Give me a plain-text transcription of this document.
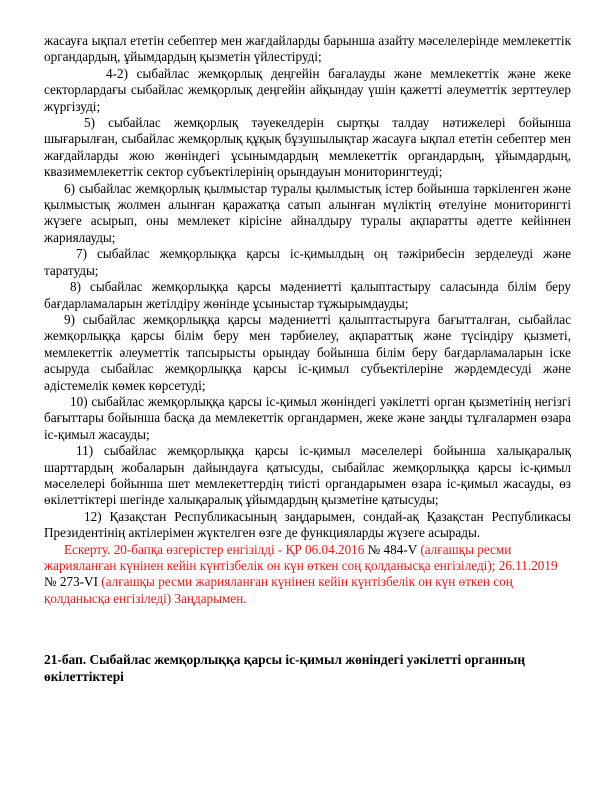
жасауға ықпал ететін себептер мен жағдайларды барынша азайту мәселелерінде мемлекеттік органдардың, ұйымдардың қызметін үйлестіруді;

4-2) сыбайлас жемқорлық деңгейін бағалауды және мемлекеттік және жеке секторлардағы сыбайлас жемқорлық деңгейін айқындау үшін қажетті әлеуметтік зерттеулер жүргізуді;

5) сыбайлас жемқорлық тәуекелдерін сыртқы талдау нәтижелері бойынша шығарылған, сыбайлас жемқорлық құқық бұзушылықтар жасауға ықпал ететін себептер мен жағдайларды жою жөніндегі ұсынымдардың мемлекеттік органдардың, ұйымдардың, квазимемлекеттік сектор субъектілерінің орындауын мониторингтеуді;

6) сыбайлас жемқорлық қылмыстар туралы қылмыстық істер бойынша тәркіленген және қылмыстық жолмен алынған қаражатқа сатып алынған мүліктің өтелуіне мониторингті жүзеге асырып, оны мемлекет кірісіне айналдыру туралы ақпаратты әдетте кейіннен жариялауды;

7) сыбайлас жемқорлыққа қарсы іс-қимылдың оң тәжірибесін зерделеуді және таратуды;

8) сыбайлас жемқорлыққа қарсы мәдениетті қалыптастыру саласында білім беру бағдарламаларын жетілдіру жөнінде ұсыныстар тұжырымдауды;

9) сыбайлас жемқорлыққа қарсы мәдениетті қалыптастыруға бағытталған, сыбайлас жемқорлыққа қарсы білім беру мен тәрбиелеу, ақпараттық және түсіндіру қызметі, мемлекеттік әлеуметтік тапсырысты орындау бойынша білім беру бағдарламаларын іске асыруда сыбайлас жемқорлыққа қарсы іс-қимыл субъектілеріне жәрдемдесуді және әдістемелік көмек көрсетуді;

10) сыбайлас жемқорлыққа қарсы іс-қимыл жөніндегі уәкілетті орган қызметінің негізгі бағыттары бойынша басқа да мемлекеттік органдармен, жеке және заңды тұлғалармен өзара іс-қимыл жасауды;

11) сыбайлас жемқорлыққа қарсы іс-қимыл мәселелері бойынша халықаралық шарттардың жобаларын дайындауға қатысуды, сыбайлас жемқорлыққа қарсы іс-қимыл мәселелері бойынша шет мемлекеттердің тиісті органдарымен өзара іс-қимыл жасауды, өз өкілеттіктері шегінде халықаралық ұйымдардың қызметіне қатысуды;

12) Қазақстан Республикасының заңдарымен, сондай-ақ Қазақстан Республикасы Президентінің актілерімен жүктелген өзге де функцияларды жүзеге асырады.

Ескерту. 20-бапқа өзгерістер енгізілді - ҚР 06.04.2016 № 484-V (алғашқы ресми жарияланған күнінен кейін күнтізбелік он күн өткен соң қолданысқа енгізіледі); 26.11.2019 № 273-VI (алғашқы ресми жарияланған күнінен кейін күнтізбелік он күн өткен соң қолданысқа енгізіледі) Заңдарымен.

21-бап. Сыбайлас жемқорлыққа қарсы іс-қимыл жөніндегі уәкілетті органның өкілеттіктері
